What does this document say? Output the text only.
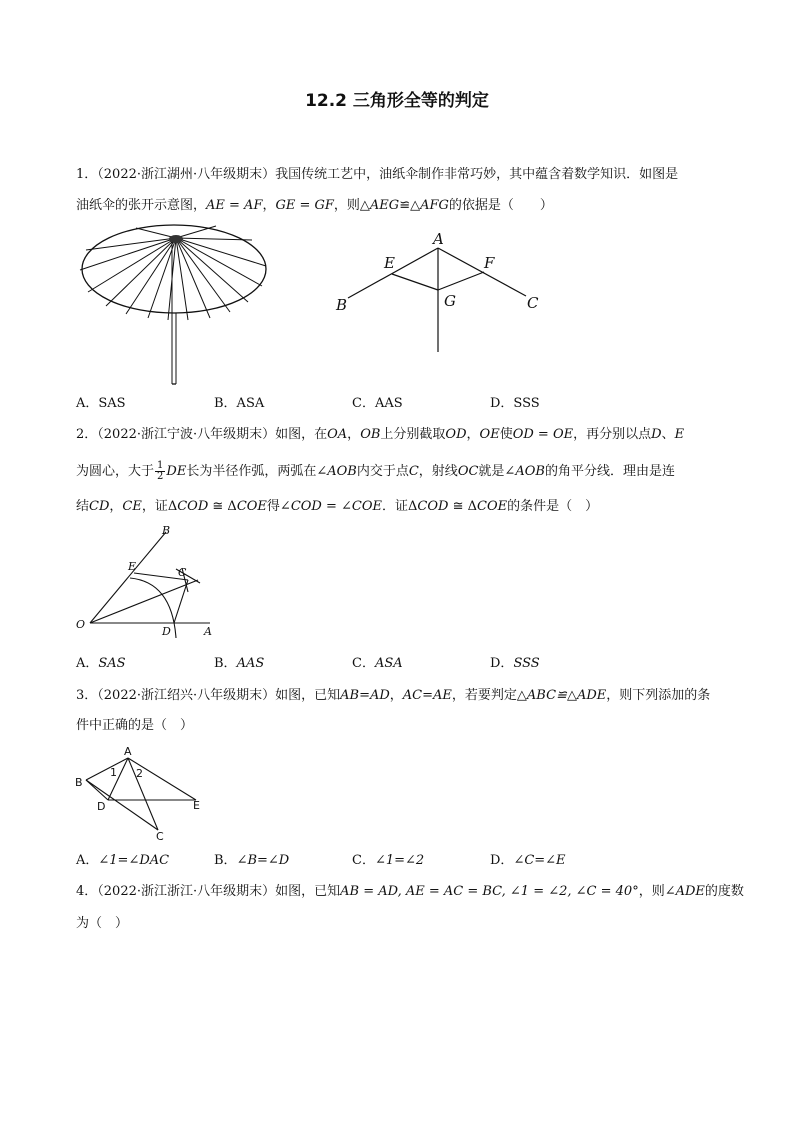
12.2 三角形全等的判定
1．（2022·浙江湖州·八年级期末）我国传统工艺中，油纸伞制作非常巧妙，其中蕴含着数学知识．如图是
油纸伞的张开示意图，AE = AF，GE = GF，则△AEG≌△AFG的依据是（　　）
A
E	F
G
B	C
A．SAS	B．ASA	C．AAS	D．SSS
2．（2022·浙江宁波·八年级期末）如图，在OA，OB上分别截取OD，OE使OD = OE，再分别以点D、E
为圆心，大于 $\frac{1}{2}$ DE长为半径作弧，两弧在∠AOB内交于点C，射线OC就是∠AOB的角平分线．理由是连
结CD，CE，证ΔCOD ≅ ΔCOE得∠COD = ∠COE．证ΔCOD ≅ ΔCOE的条件是（　）
B
E	C
O
D	A
A．SAS	B．AAS	C．ASA	D．SSS
3．（2022·浙江绍兴·八年级期末）如图，已知AB=AD，AC=AE，若要判定△ABC≌△ADE，则下列添加的条
件中正确的是（　）
A
B
1 2
D	E
C
A．∠1=∠DAC	B．∠B=∠D	C．∠1=∠2	D．∠C=∠E
4．（2022·浙江浙江·八年级期末）如图，已知AB = AD, AE = AC = BC, ∠1 = ∠2, ∠C = 40°，则∠ADE的度数
为（　）
